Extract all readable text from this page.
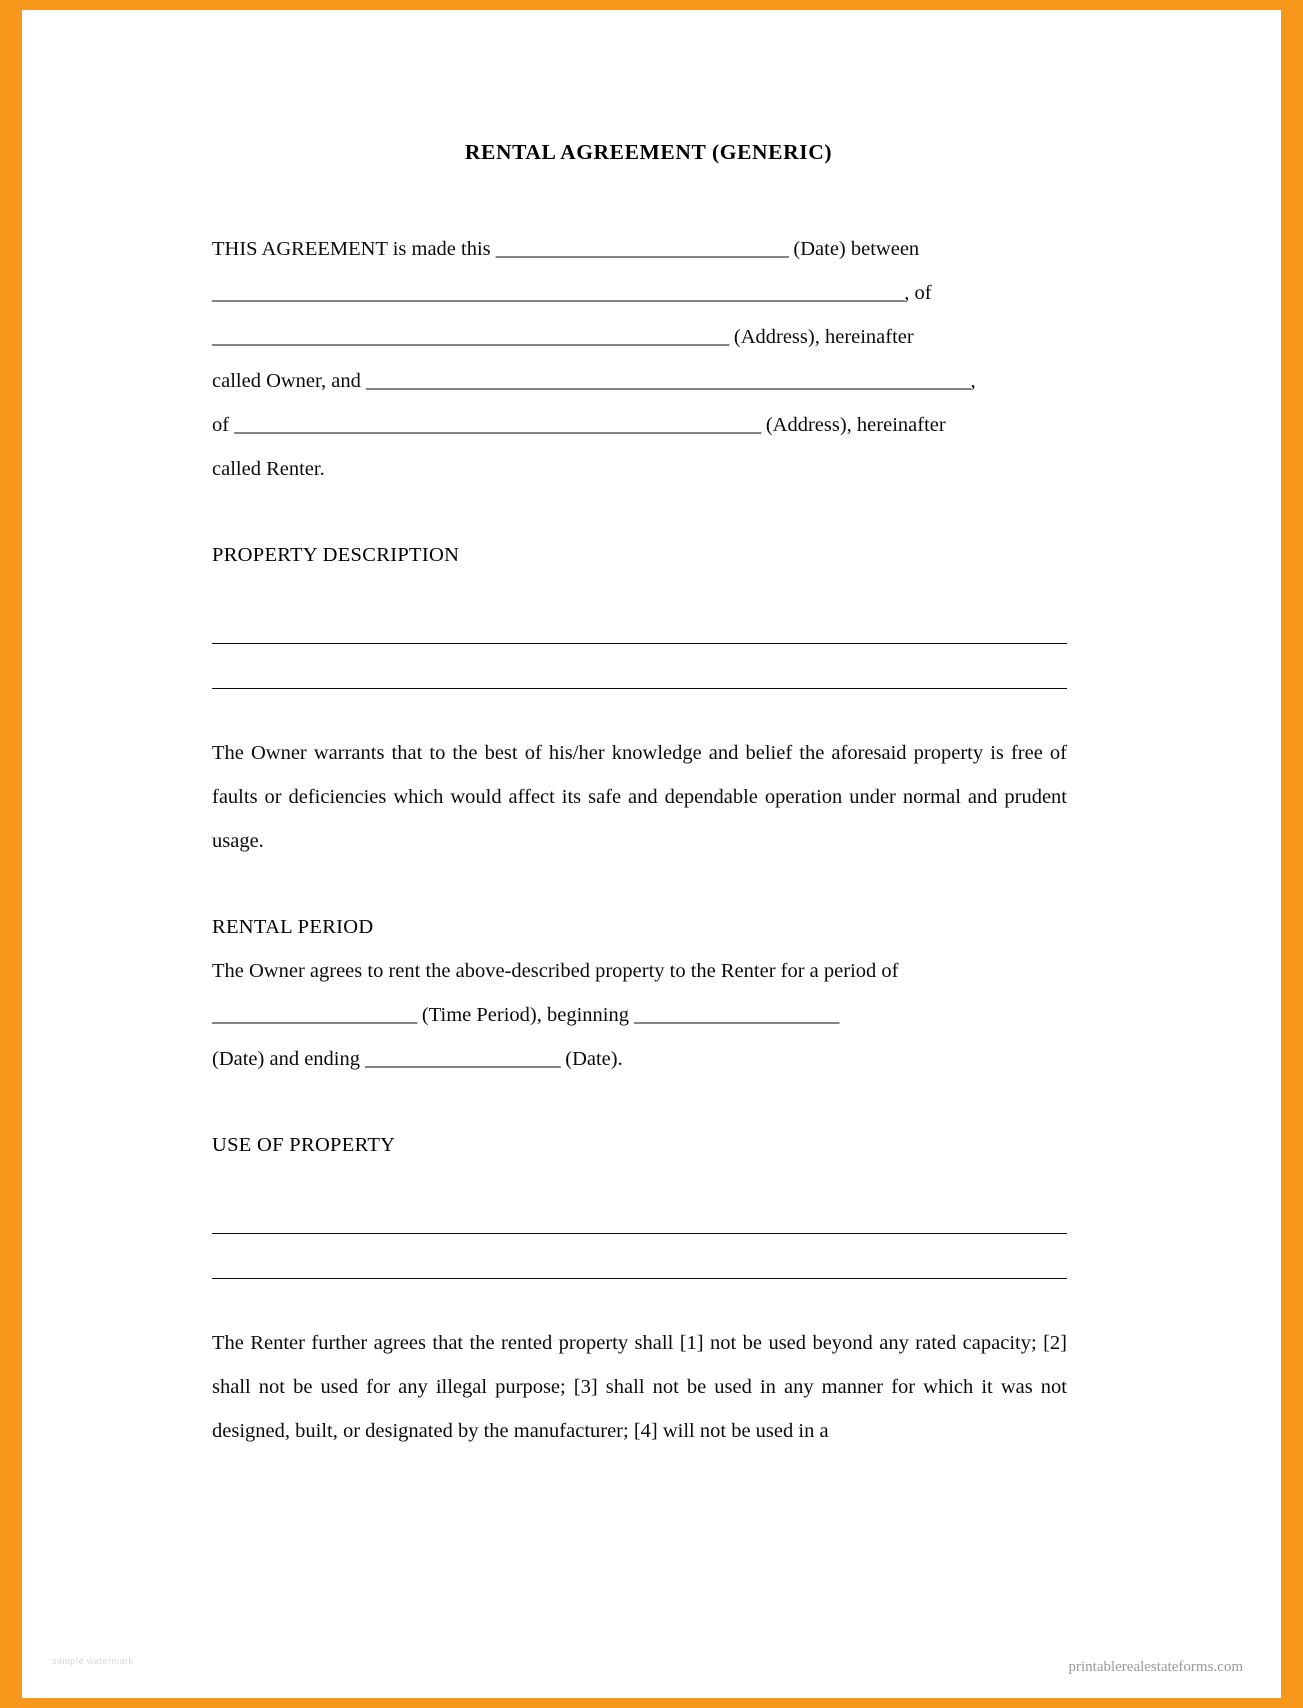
RENTAL AGREEMENT (GENERIC)

THIS AGREEMENT is made this ______________________________ (Date) between

_______________________________________________________________________, of

_____________________________________________________ (Address), hereinafter

called Owner, and ______________________________________________________________,

of ______________________________________________________ (Address), hereinafter

called Renter.

PROPERTY DESCRIPTION

The Owner warrants that to the best of his/her knowledge and belief the aforesaid property is free of faults or deficiencies which would affect its safe and dependable operation under normal and prudent usage.

RENTAL PERIOD

The Owner agrees to rent the above-described property to the Renter for a period of

_____________________ (Time Period), beginning _____________________

(Date) and ending ____________________ (Date).

USE OF PROPERTY

The Renter further agrees that the rented property shall [1] not be used beyond any rated capacity; [2] shall not be used for any illegal purpose; [3] shall not be used in any manner for which it was not designed, built, or designated by the manufacturer; [4] will not be used in a

sample watermark	printablerealestateforms.com
